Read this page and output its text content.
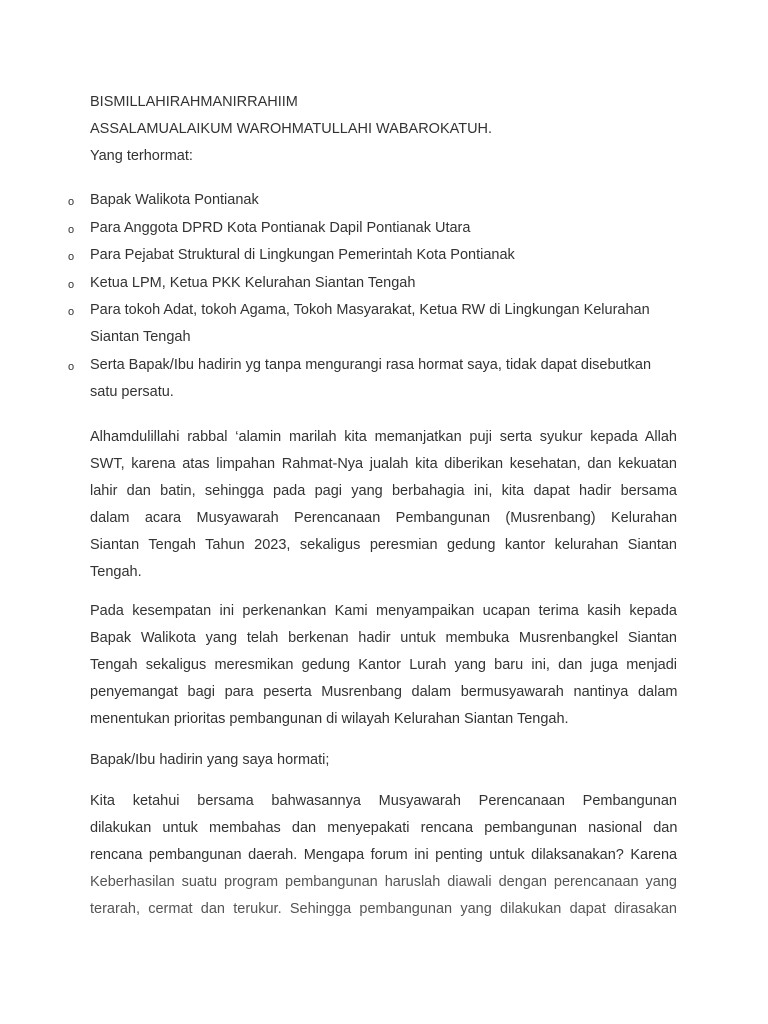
BISMILLAHIRAHMANIRRAHIIM
ASSALAMUALAIKUM WAROHMATULLAHI WABAROKATUH.
Yang terhormat:
o Bapak Walikota Pontianak
o Para Anggota DPRD Kota Pontianak Dapil Pontianak Utara
o Para Pejabat Struktural di Lingkungan Pemerintah Kota Pontianak
o Ketua LPM, Ketua PKK Kelurahan Siantan Tengah
o Para tokoh Adat, tokoh Agama, Tokoh Masyarakat, Ketua RW di Lingkungan Kelurahan
Siantan Tengah
o Serta Bapak/Ibu hadirin yg tanpa mengurangi rasa hormat saya, tidak dapat disebutkan
satu persatu.
Alhamdulillahi rabbal ‘alamin marilah kita memanjatkan puji serta syukur kepada Allah
SWT, karena atas limpahan Rahmat-Nya jualah kita diberikan kesehatan, dan kekuatan
lahir dan batin, sehingga pada pagi yang berbahagia ini, kita dapat hadir bersama
dalam acara Musyawarah Perencanaan Pembangunan (Musrenbang) Kelurahan
Siantan Tengah Tahun 2023, sekaligus peresmian gedung kantor kelurahan Siantan
Tengah.
Pada kesempatan ini perkenankan Kami menyampaikan ucapan terima kasih kepada
Bapak Walikota yang telah berkenan hadir untuk membuka Musrenbangkel Siantan
Tengah sekaligus meresmikan gedung Kantor Lurah yang baru ini, dan juga menjadi
penyemangat bagi para peserta Musrenbang dalam bermusyawarah nantinya dalam
menentukan prioritas pembangunan di wilayah Kelurahan Siantan Tengah.
Bapak/Ibu hadirin yang saya hormati;
Kita ketahui bersama bahwasannya Musyawarah Perencanaan Pembangunan
dilakukan untuk membahas dan menyepakati rencana pembangunan nasional dan
rencana pembangunan daerah. Mengapa forum ini penting untuk dilaksanakan? Karena
Keberhasilan suatu program pembangunan haruslah diawali dengan perencanaan yang
terarah, cermat dan terukur. Sehingga pembangunan yang dilakukan dapat dirasakan
